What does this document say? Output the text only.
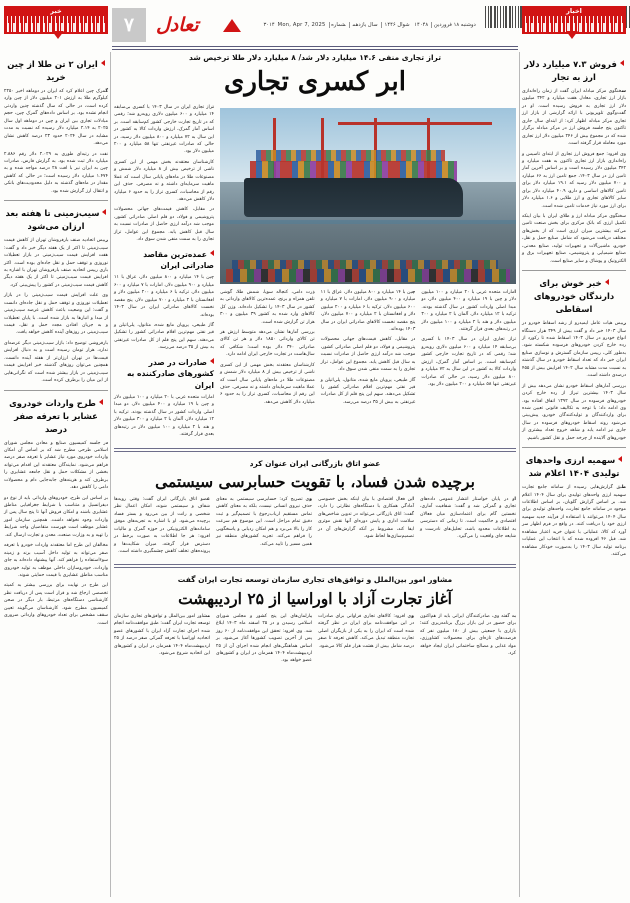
۷	تعادل	دوشنبه ۱۸ فروردین ۱۴۰۴۸ شوال ۱۴۴۶سال یازدهمشماره ۳۰۱۴Mon, Apr 7, 2025
خبر	اخبار
ایران ۲ تن طلا از چین خرید

گمرک چین اعلام کرد که ایران در دوماهه اخیر ۲۲۵۰ کیلوگرم طلا به ارزش ۲۰۱ میلیون دلار از چین وارد کرده است، در حالی که سال گذشته چنین واردتی انجام نشده بود. بر اساس داده‌های گمرک چین، حجم مبادلات تجاری بین ایران و چین در دوماهه اول سال ۲۰۲۵ به ۲.۱۴ میلیارد دلار رسیده که نسبت به مدت مشابه در سال ۲۰۲۴ حدود ۲۳ درصد کاهش نشان می‌دهد.

نفت در رتبه‌ای طوری به ۲.۰۲۹ دلار رقم ۲.۸۸۶ میلیارد دلار ثبت شده بود. به گزارش فارس، صادرات چین به ایران نیز با افت ۲۸ درصد مواجه شده و به ۱.۴۷۴ میلیارد دلار رسیده است؛ در حالی که کاهش مقدار در ماه‌های گذشته به دلیل محدودیت‌های بانکی و انتقال ارز گزارش شده بود.

سیب‌زمینی تا هفته بعد ارزان می‌شود

رییس اتحادیه صنف بارفروشان تهران از کاهش قیمت سیب‌زمینی تا اکثر از یک هفته دیگر خبر داد و گفت: هفت افزایش قیمت سیب‌زمینی در بازار تعطیلات نوروزی و توقف حمل و نقل جاده‌ای بوده است. اکثر باری رییس اتحادیه صنف بارفروشان تهران با اشاره به افزایش قیمت سیب‌زمینی تا اکثر از یک هفته دیگر کاهش قیمت سیب‌زمینی در کشور را پیش‌بینی کرد.

وی علت افزایش قیمت سیب‌زمینی را در بازار تعطیلات نوروزی و توقف حمل و نقل جاده‌ای دانست و گفت: این وضعیت باعث کاهش عرضه سیب‌زمینی از مبدا و انبارها به بازار شده است. با پایان تعطیلات و به جریان افتادن مجدد حمل و نقل، قیمت سیب‌زمینی در روزهای آینده کاهش خواهد یافت.

بارفروشی توضیح داد: بازار سیب‌زمینی دیگر عرضه‌ای ندارد، هزار تومان رسیده است و به دنبال افزایش قیمت‌ها در تهران ارزان‌تر از هفته آینده دانست. همچنین می‌توان روزهای گذشته خبر افزایش قیمت سیب‌زمینی در بازار بیشتر شده است که نگرانی‌هایی از این میان را برطرف کرده است.

طرح واردات خودروی عشایر با تعرفه صفر درصد

در جلسه کمیسیون صنایع و معادن مجلس شورای اسلامی طرحی مطرح شد که بر اساس آن امکان واردات خودروی مورد نیاز عشایر با تعرفه صفر درصد فراهم می‌شود. نمایندگان معتقدند این اقدام می‌تواند بخشی از مشکلات حمل و نقل جامعه عشایری را برطرف کند و هزینه‌های جابه‌جایی دام و محصولات دامی را کاهش دهد.

بر اساس این طرح، خودروهای وارداتی باید از نوع دو دیفرانسیل و متناسب با شرایط جغرافیایی مناطق عشایری باشند و امکان فروش آنها تا پنج سال پس از واردات وجود نخواهد داشت. همچنین سازمان امور عشایر موظف است فهرست متقاضیان واجد شرایط را تهیه و به وزارت صنعت، معدن و تجارت ارسال کند.

مخالفان این طرح اما معتقدند واردات خودرو با تعرفه صفر می‌تواند به تولید داخل آسیب بزند و زمینه سوءاستفاده را فراهم کند. آنها پیشنهاد داده‌اند به جای واردات، خودروسازان داخلی موظف به تولید خودروی مناسب مناطق عشایری با قیمت حمایتی شوند.

این طرح در نهایت برای بررسی بیشتر به کمیته تخصصی ارجاع شد و قرار است پس از دریافت نظر کارشناسی دستگاه‌های مرتبط، بار دیگر در صحن کمیسیون مطرح شود. کارشناسان می‌گویند تعیین سقف مشخص برای تعداد خودروهای وارداتی ضروری است.

فروش ۷.۳ میلیارد دلار ارز به تجار

سخنگوی مرکز مبادله ایران گفت از زمان راه‌اندازی بازار ارز تجاری، معادل هفت میلیارد و ۳۴۲ میلیون دلار ارز تجاری به فروش رسیده است. او در گفت‌وگوی تلویزیونی با ارائه گزارشی از بازار ارز تجاری مرکز مبادله اظهار کرد: از ابتدای سال جاری تاکنون پنج جلسه فروش ارز در مرکز مبادله برگزار شده که در مجموع بیش از ۲۴۶ میلیون دلار ارز تجاری مورد معامله قرار گرفته است.

وی افزود: جمع فروش ارز تجاری از ابتدای تاسیس و راه‌اندازی بازار ارز تجاری تاکنون به هفت میلیارد و ۳۴۲ میلیون دلار رسیده است و بر اساس آخرین آمار تامین ارز در سال ۱۴۰۳، جمع تامین ارز به ۶۶ میلیارد و ۷۰۰ میلیون دلار رسید که ۱۹.۱ میلیارد دلار برای تامین کالاهای اساسی و دارو، ۴۰.۹ میلیارد دلار برای سایر کالاهای تجاری و ارز طلایی و ۱.۶ میلیارد دلار برای ارز مورد نیاز خدمات تامین شده است.

سخنگوی مرکز مبادله ارز و طلای ایران با بیان اینکه تکمیل ارزی که بانک مرکزی برای بخش صنعت تامین می‌کند بیشترین میزان ارزی است که از بخش‌های مختلف دریافت می‌شود که شامل صنایع حمل و نقل، خودرو، ماشین‌آلات و تجهیزات تولید، صنایع معدنی، صنایع شیمیایی و پتروشیمی، صنایع تجهیزات برق و الکترونیک و پوشاک و سایر صنایع است.

خبر خوش برای دارندگان خودروهای اسقاطی

رییس هیات عامل ایمیدرو از رشد اسقاط خودرو در سال ۱۴۰۳ خبر داد و گفت بیش از ۳۴۹ هزار دستگاه انواع خودرو در سال ۱۴۰۳ اسقاط شده تا رکورد از رده خارج کردن خودروهای فرسوده شکسته شود. به‌طور کلی، رییس سازمان گسترش و نوسازی صنایع ایران خبر داد که تعداد اسقاط خودرو در سال گذشته به نسبت مدت مشابه سال ۱۴۰۲ افزایش بیش از ۴۵۵ درصدی داشته است.

بررسی آمارهای اسقاط خودرو نشان می‌دهد بیش از سال ۱۴۰۳ بیشترین تیراژ از رده خارج کردن خودروهای فرسوده در سال ۱۳۹۲ اتفاق افتاده بود. وی ادامه داد: با توجه به تکالیف قانونی تعیین شده برای واردکنندگان و تولیدکنندگان خودرو، پیش‌بینی می‌شود روند اسقاط خودروهای فرسوده در سال جاری نیز ادامه یابد و شاهد خروج تعداد بیشتری از خودروهای آلاینده از چرخه حمل و نقل کشور باشیم.

سهمیه ارزی واحدهای تولیدی ۱۴۰۴ اعلام شد

طبق گزارش‌هایی رسیده از سامانه جامع تجارت سهمیه ارزی واحدهای تولیدی برای سال ۱۴۰۴ اعلام شد. بر اساس گزارش گلوبان، بر اساس اطلاعات موجود در سامانه جامع تجارت، واحدهای تولیدی برای سال ۱۴۰۴ می‌توانند با استفاده از فرآیند جدید سهمیه ارزی خود را دریافت کنند. در واقع در فرم اظهار سر آورد کد کالا، عملیاتی با عنوان خرید اعتبار مشاهده شد. قبل ۴۶ افزوده شده که با انتخاب این عملیات برنامه تولید سال ۱۴۰۳ را به‌صورت خودکار مشاهده می‌کنند.

تراز تجاری منفی ۱۴.۶ میلیارد دلار شد/ ۸ میلیارد دلار طلا ترخیص شد
ابر کسری تجاری

تراز تجاری ایران در سال ۱۴۰۳ با کسری بی‌سابقه ۱۴ میلیارد و ۶۰۰ میلیون دلاری روبه‌رو شد؛ رقمی که در تاریخ تجارت خارجی کشور کم‌سابقه است. بر اساس آمار گمرک، ارزش واردات کالا به کشور در این سال به ۷۲ میلیارد و ۸۰۰ میلیون دلار رسید، در حالی که صادرات غیرنفتی تنها ۵۸ میلیارد و ۲۰۰ میلیون دلار بود.

کارشناسان معتقدند بخش مهمی از این کسری ناشی از ترخیص بیش از ۸ میلیارد دلار شمش و مصنوعات طلا در ماه‌های پایانی سال است که عملا ماهیت سرمایه‌ای داشته و نه مصرفی. حذف این رقم از محاسبات، کسری تراز را به حدود ۶ میلیارد دلار کاهش می‌دهد.

در مقابل، کاهش قیمت‌های جهانی محصولات پتروشیمی و فولاد، دو قلم اصلی صادراتی کشور، موجب شد درآمد ارزی حاصل از صادرات نسبت به سال قبل کاهش یابد. مجموع این عوامل، تراز تجاری را به سمت منفی شدن سوق داد.

عمده‌ترین مقاصد صادراتی ایران

چین با ۱۴ میلیارد و ۸۰۰ میلیون دلار، عراق با ۱۱ میلیارد و ۹۰۰ میلیون دلار، امارات با ۷ میلیارد و ۶۰۰ میلیون دلار، ترکیه با ۶ میلیارد و ۲۰۰ میلیون دلار و افغانستان با ۲ میلیارد و ۷۰۰ میلیون دلار، پنج مقصد نخست کالاهای صادراتی ایران در سال ۱۴۰۳ بوده‌اند.

گاز طبیعی، پروپان مایع شده، متانول، پلی‌اتیلن و قیر نفتی مهم‌ترین اقلام صادراتی کشور را تشکیل می‌دهند. سهم این پنج قلم از کل صادرات غیرنفتی به بیش از ۳۵ درصد می‌رسد.

صادرات در صدر کشورهای صادرکننده به ایران

امارات متحده عربی با ۲۰ میلیارد و ۱۰۰ میلیون دلار و چین با ۱۹ میلیارد و ۴۰۰ میلیون دلار، دو مبدا اصلی واردات کشور در سال گذشته بودند. ترکیه با ۱۲ میلیارد دلار، آلمان با ۲ میلیارد و ۳۰۰ میلیون دلار و هند با ۲ میلیارد و ۱۰۰ میلیون دلار در رتبه‌های بعدی قرار گرفتند.

ذرت دامی، کنجاله سویا، شمش طلا، گوشی تلفن همراه و برنج، عمده‌ترین کالاهای وارداتی به کشور در سال ۱۴۰۳ را تشکیل داده‌اند. وزن کل کالاهای وارد شده به کشور ۳۹ میلیون و ۳۰۰ هزار تن گزارش شده است.

بررسی آمارها نشان می‌دهد متوسط ارزش هر تن کالای وارداتی ۱۸۵۰ دلار و هر تن کالای صادراتی ۳۴۰ دلار بوده است؛ شکافی که سال‌هاست در تجارت خارجی ایران ادامه دارد.

کارشناسان معتقدند بخش مهمی از این کسری ناشی از ترخیص بیش از ۸ میلیارد دلار شمش و مصنوعات طلا در ماه‌های پایانی سال است که عملا ماهیت سرمایه‌ای داشته و نه مصرفی. حذف این رقم از محاسبات، کسری تراز را به حدود ۶ میلیارد دلار کاهش می‌دهد.

چین با ۱۴ میلیارد و ۸۰۰ میلیون دلار، عراق با ۱۱ میلیارد و ۹۰۰ میلیون دلار، امارات با ۷ میلیارد و ۶۰۰ میلیون دلار، ترکیه با ۶ میلیارد و ۲۰۰ میلیون دلار و افغانستان با ۲ میلیارد و ۷۰۰ میلیون دلار، پنج مقصد نخست کالاهای صادراتی ایران در سال ۱۴۰۳ بوده‌اند.

در مقابل، کاهش قیمت‌های جهانی محصولات پتروشیمی و فولاد، دو قلم اصلی صادراتی کشور، موجب شد درآمد ارزی حاصل از صادرات نسبت به سال قبل کاهش یابد. مجموع این عوامل، تراز تجاری را به سمت منفی شدن سوق داد.

گاز طبیعی، پروپان مایع شده، متانول، پلی‌اتیلن و قیر نفتی مهم‌ترین اقلام صادراتی کشور را تشکیل می‌دهند. سهم این پنج قلم از کل صادرات غیرنفتی به بیش از ۳۵ درصد می‌رسد.

امارات متحده عربی با ۲۰ میلیارد و ۱۰۰ میلیون دلار و چین با ۱۹ میلیارد و ۴۰۰ میلیون دلار، دو مبدا اصلی واردات کشور در سال گذشته بودند. ترکیه با ۱۲ میلیارد دلار، آلمان با ۲ میلیارد و ۳۰۰ میلیون دلار و هند با ۲ میلیارد و ۱۰۰ میلیون دلار در رتبه‌های بعدی قرار گرفتند.

تراز تجاری ایران در سال ۱۴۰۳ با کسری بی‌سابقه ۱۴ میلیارد و ۶۰۰ میلیون دلاری روبه‌رو شد؛ رقمی که در تاریخ تجارت خارجی کشور کم‌سابقه است. بر اساس آمار گمرک، ارزش واردات کالا به کشور در این سال به ۷۲ میلیارد و ۸۰۰ میلیون دلار رسید، در حالی که صادرات غیرنفتی تنها ۵۸ میلیارد و ۲۰۰ میلیون دلار بود.

عضو اتاق بازرگانی ایران عنوان کرد
برچیده شدن فساد، با تقویت حسابرسی سیستمی

عضو اتاق بازرگانی ایران گفت: وقتی رویه‌ها شفاف و سیستمی شوند، امکان اعمال نظر شخصی و رانت از بین می‌رود و بستر فساد برچیده می‌شود. او با اشاره به تجربه‌های موفق سامانه‌های الکترونیکی در حوزه گمرک و مالیات افزود: هر جا اطلاعات به صورت برخط در دسترس قرار گرفته، میزان شکایت‌ها و پرونده‌های تخلف کاهش چشمگیری داشته است.

وی تصریح کرد: حسابرسی سیستمی به معنای حذف نیروی انسانی نیست، بلکه به معنای کاهش تماس مستقیم ارباب‌رجوع با تصمیم‌گیر و ثبت دقیق تمام مراحل است. این موضوع هم سرعت کار را بالا می‌برد و هم امکان ردیابی و پاسخگویی را فراهم می‌کند. تجربه کشورهای منطقه نیز همین مسیر را تایید می‌کند.

این فعال اقتصادی با بیان اینکه بخش خصوصی آمادگی همکاری با دستگاه‌های نظارتی را دارد، گفت: اتاق بازرگانی می‌تواند در تدوین شاخص‌های سلامت اداری و پایش دوره‌ای آنها نقش موثری ایفا کند، مشروط بر آنکه گزارش‌های آن در تصمیم‌سازی‌ها لحاظ شود.

او در پایان خواستار انتشار عمومی داده‌های تجاری و گمرکی شد و گفت: شفافیت آماری، نخستین گام برای اعتمادسازی میان فعالان اقتصادی و حاکمیت است. تا زمانی که دسترسی به اطلاعات محدود باشد، تحلیل‌های نادرست و شایعه جای واقعیت را می‌گیرد.

مشاور امور بین‌الملل و توافق‌های تجاری سازمان توسعه تجارت ایران گفت
آغاز تجارت آزاد با اوراسیا از ۲۵ اردیبهشت

مشاور امور بین‌الملل و توافق‌های تجاری سازمان توسعه تجارت ایران گفت: طبق موافقت‌نامه انجام شده اجرای تجارت آزاد ایران با کشورهای عضو اتحادیه اوراسیا با تعرفه گمرکی صفر درصد از ۲۵ اردیبهشت‌ماه ۱۴۰۴ همزمان در ایران و کشورهای این اتحادیه شروع می‌شود.

پارلمان‌های این پنج کشور و مجلس شورای اسلامی رسیدن و در ۲۵ اسفند ماه ۱۴۰۳ ابلاغ شد. وی افزود: تحقق این موافقت‌نامه از ۶۰ روز پس از آخرین تصویب کشورها آغاز می‌شود. بر اساس هماهنگی‌های انجام شده اجرای آن از ۲۵ اردیبهشت‌ماه ۱۴۰۴ همزمان در ایران و کشورهای عضو خواهد بود.

وی افزود: کالاهای تجاری فراوانی برای صادرات در این موافقت‌نامه برای ایران در نظر گرفته شده است که ایران را به یکی از بازیگران اصلی تجارت منطقه تبدیل می‌کند. کاهش تعرفه تا صفر درصد شامل بیش از هشت هزار قلم کالا می‌شود.

به گفته وی، صادرکنندگان ایرانی باید از هم‌اکنون برای حضور در این بازار بزرگ برنامه‌ریزی کنند؛ بازاری با جمعیتی بیش از ۱۸۰ میلیون نفر که فرصت‌های تازه‌ای برای محصولات کشاورزی، مواد غذایی و مصالح ساختمانی ایران ایجاد خواهد کرد.
